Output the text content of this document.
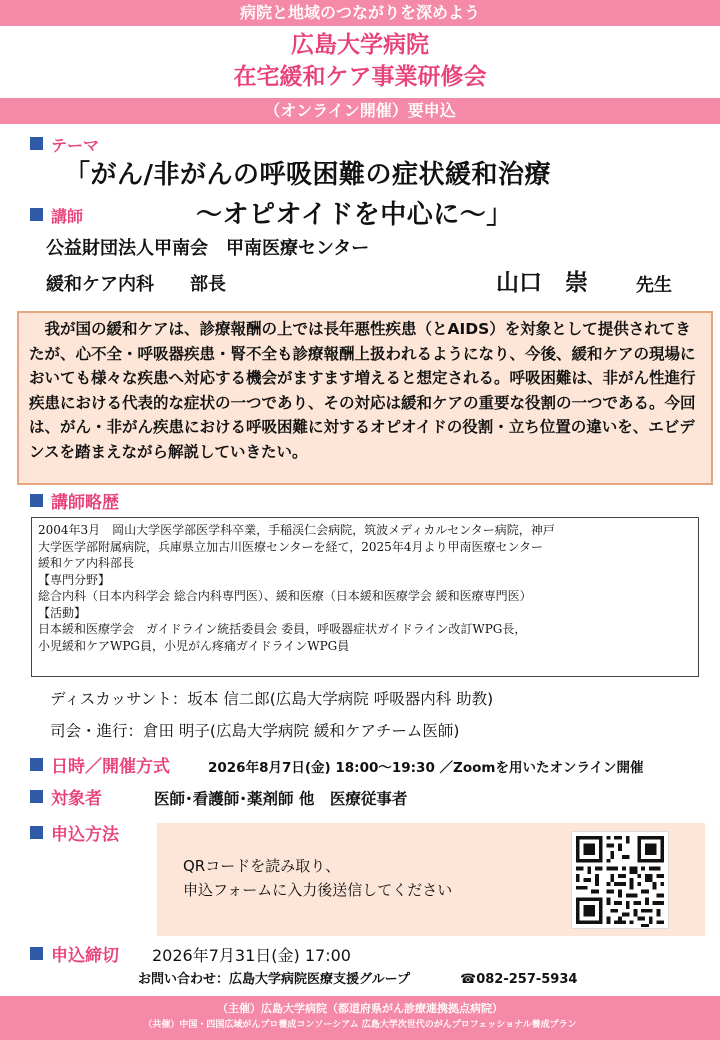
病院と地域のつながりを深めよう
広島大学病院
在宅緩和ケア事業研修会
（オンライン開催）要申込
テーマ
「がん/非がんの呼吸困難の症状緩和治療
講師	～オピオイドを中心に～」
公益財団法人甲南会　甲南医療センター
緩和ケア内科　　部長	山口　崇	先生
我が国の緩和ケアは、診療報酬の上では長年悪性疾患（とAIDS）を対象として提供されてきたが、心不全・呼吸器疾患・腎不全も診療報酬上扱われるようになり、今後、緩和ケアの現場においても様々な疾患へ対応する機会がますます増えると想定される。呼吸困難は、非がん性進行疾患における代表的な症状の一つであり、その対応は緩和ケアの重要な役割の一つである。今回は、がん・非がん疾患における呼吸困難に対するオピオイドの役割・立ち位置の違いを、エビデンスを踏まえながら解説していきたい。
講師略歴
2004年3月　岡山大学医学部医学科卒業，手稲渓仁会病院，筑波メディカルセンター病院，神戸
大学医学部附属病院，兵庫県立加古川医療センターを経て，2025年4月より甲南医療センター
緩和ケア内科部長
【専門分野】
総合内科（日本内科学会 総合内科専門医）、緩和医療（日本緩和医療学会 緩和医療専門医）
【活動】
日本緩和医療学会　ガイドライン統括委員会 委員，呼吸器症状ガイドライン改訂WPG長，
小児緩和ケアWPG員，小児がん疼痛ガイドラインWPG員
ディスカッサント：坂本 信二郎(広島大学病院 呼吸器内科 助教)
司会・進行：倉田 明子(広島大学病院 緩和ケアチーム医師)
日時／開催方式	2026年8月7日(金) 18:00～19:30 ／Zoomを用いたオンライン開催
対象者	医師･看護師･薬剤師 他　医療従事者
申込方法
QRコードを読み取り、
申込フォームに入力後送信してください
申込締切 2026年7月31日(金) 17:00
お問い合わせ：広島大学病院医療支援グループ	☎082-257-5934
（主催）広島大学病院（都道府県がん診療連携拠点病院）
（共催）中国・四国広域がんプロ養成コンソーシアム 広島大学次世代のがんプロフェッショナル養成プラン
